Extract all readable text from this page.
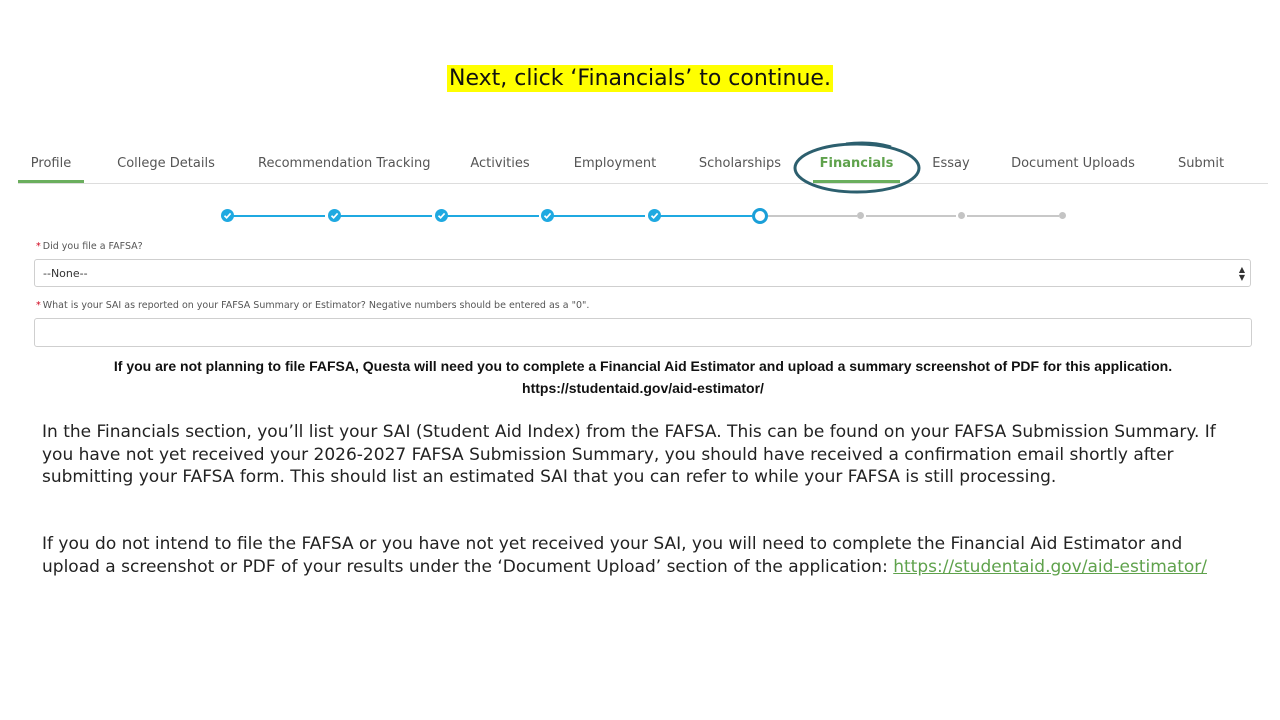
Next, click ‘Financials’ to continue.
Profile	College Details	Recommendation Tracking	Activities	Employment	Scholarships	Financials	Essay	Document Uploads	Submit
* Did you file a FAFSA?
--None--	▲
▼
* What is your SAI as reported on your FAFSA Summary or Estimator? Negative numbers should be entered as a "0".
If you are not planning to file FAFSA, Questa will need you to complete a Financial Aid Estimator and upload a summary screenshot of PDF for this application.
https://studentaid.gov/aid-estimator/
In the Financials section, you’ll list your SAI (Student Aid Index) from the FAFSA. This can be found on your FAFSA Submission Summary. If you have not yet received your 2026-2027 FAFSA Submission Summary, you should have received a confirmation email shortly after submitting your FAFSA form. This should list an estimated SAI that you can refer to while your FAFSA is still processing.
If you do not intend to file the FAFSA or you have not yet received your SAI, you will need to complete the Financial Aid Estimator and upload a screenshot or PDF of your results under the ‘Document Upload’ section of the application: https://studentaid.gov/aid-estimator/
